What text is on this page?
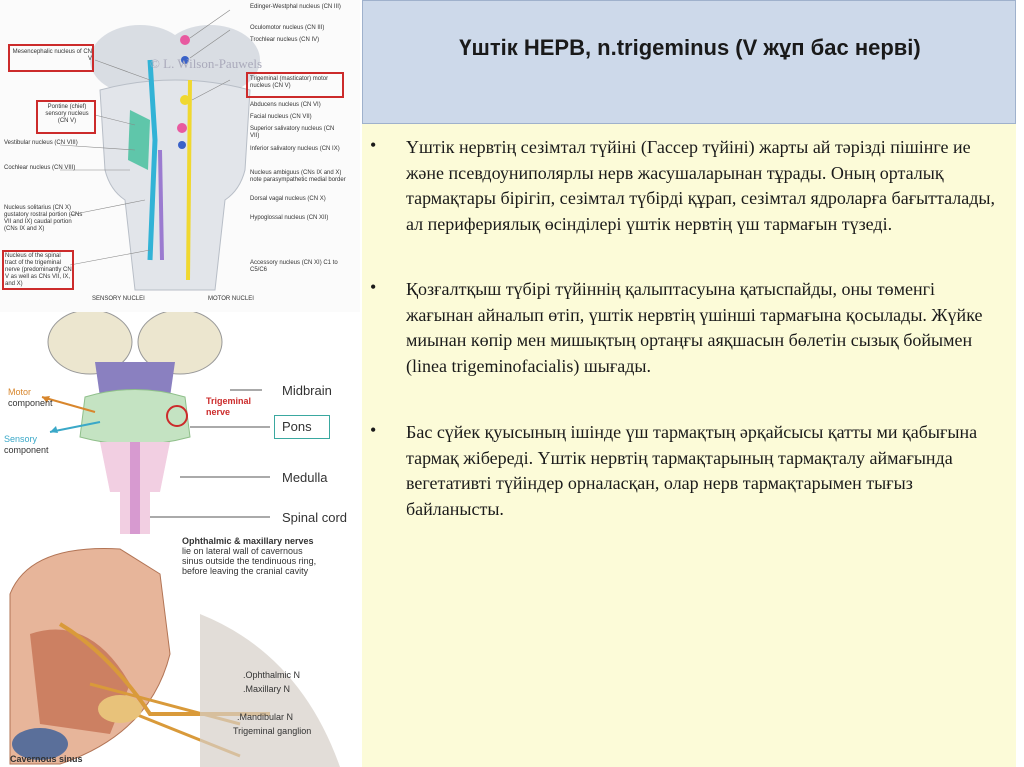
© L. Wilson-Pauwels
Mesencephalic nucleus of CN V
Pontine (chief) sensory nucleus (CN V)
Vestibular nucleus (CN VIII)
Cochlear nucleus (CN VIII)
Nucleus solitarius (CN X) gustatory rostral portion (CNs VII and IX) caudal portion (CNs IX and X)
Nucleus of the spinal tract of the trigeminal nerve (predominantly CN V as well as CNs VII, IX, and X)
Edinger-Westphal nucleus (CN III)
Oculomotor nucleus (CN III)
Trochlear nucleus (CN IV)
Trigeminal (masticator) motor nucleus (CN V)
Abducens nucleus (CN VI)
Facial nucleus (CN VII)
Superior salivatory nucleus (CN VII)
Inferior salivatory nucleus (CN IX)
Nucleus ambiguus (CNs IX and X) note parasympathetic medial border
Dorsal vagal nucleus (CN X)
Hypoglossal nucleus (CN XII)
Accessory nucleus (CN XI) C1 to C5/C6
SENSORY NUCLEI	MOTOR NUCLEI
Motor
component
Sensory
component
Trigeminal
nerve
Midbrain
Pons
Medulla
Spinal cord
Ophthalmic & maxillary nerves
lie on lateral wall of cavernous
sinus outside the tendinuous ring,
before leaving the cranial cavity
.Ophthalmic N
.Maxillary N
.Mandibular N
Trigeminal ganglion
Cavernous sinus
Үштік НЕРВ, n.trigeminus (V жұп бас нерві)
• Үштік нервтің сезімтал түйіні (Гассер түйіні) жарты ай тәрізді пішінге ие және псевдоуниполярлы нерв жасушаларынан тұрады. Оның орталық тармақтары бірігіп, сезімтал түбірді құрап, сезімтал ядроларға бағытталады, ал перифериялық өсінділері үштік нервтің үш тармағын түзеді.
• Қозғалтқыш түбірі түйіннің қалыптасуына қатыспайды, оны төменгі жағынан айналып өтіп, үштік нервтің үшінші тармағына қосылады. Жүйке миынан көпір мен мишықтың ортаңғы аяқшасын бөлетін сызық бойымен (linea trigeminofacialis) шығады.
• Бас сүйек қуысының ішінде үш тармақтың әрқайсысы қатты ми қабығына тармақ жібереді. Үштік нервтің тармақтарының тармақталу аймағында вегетативті түйіндер орналасқан, олар нерв тармақтарымен тығыз байланысты.
